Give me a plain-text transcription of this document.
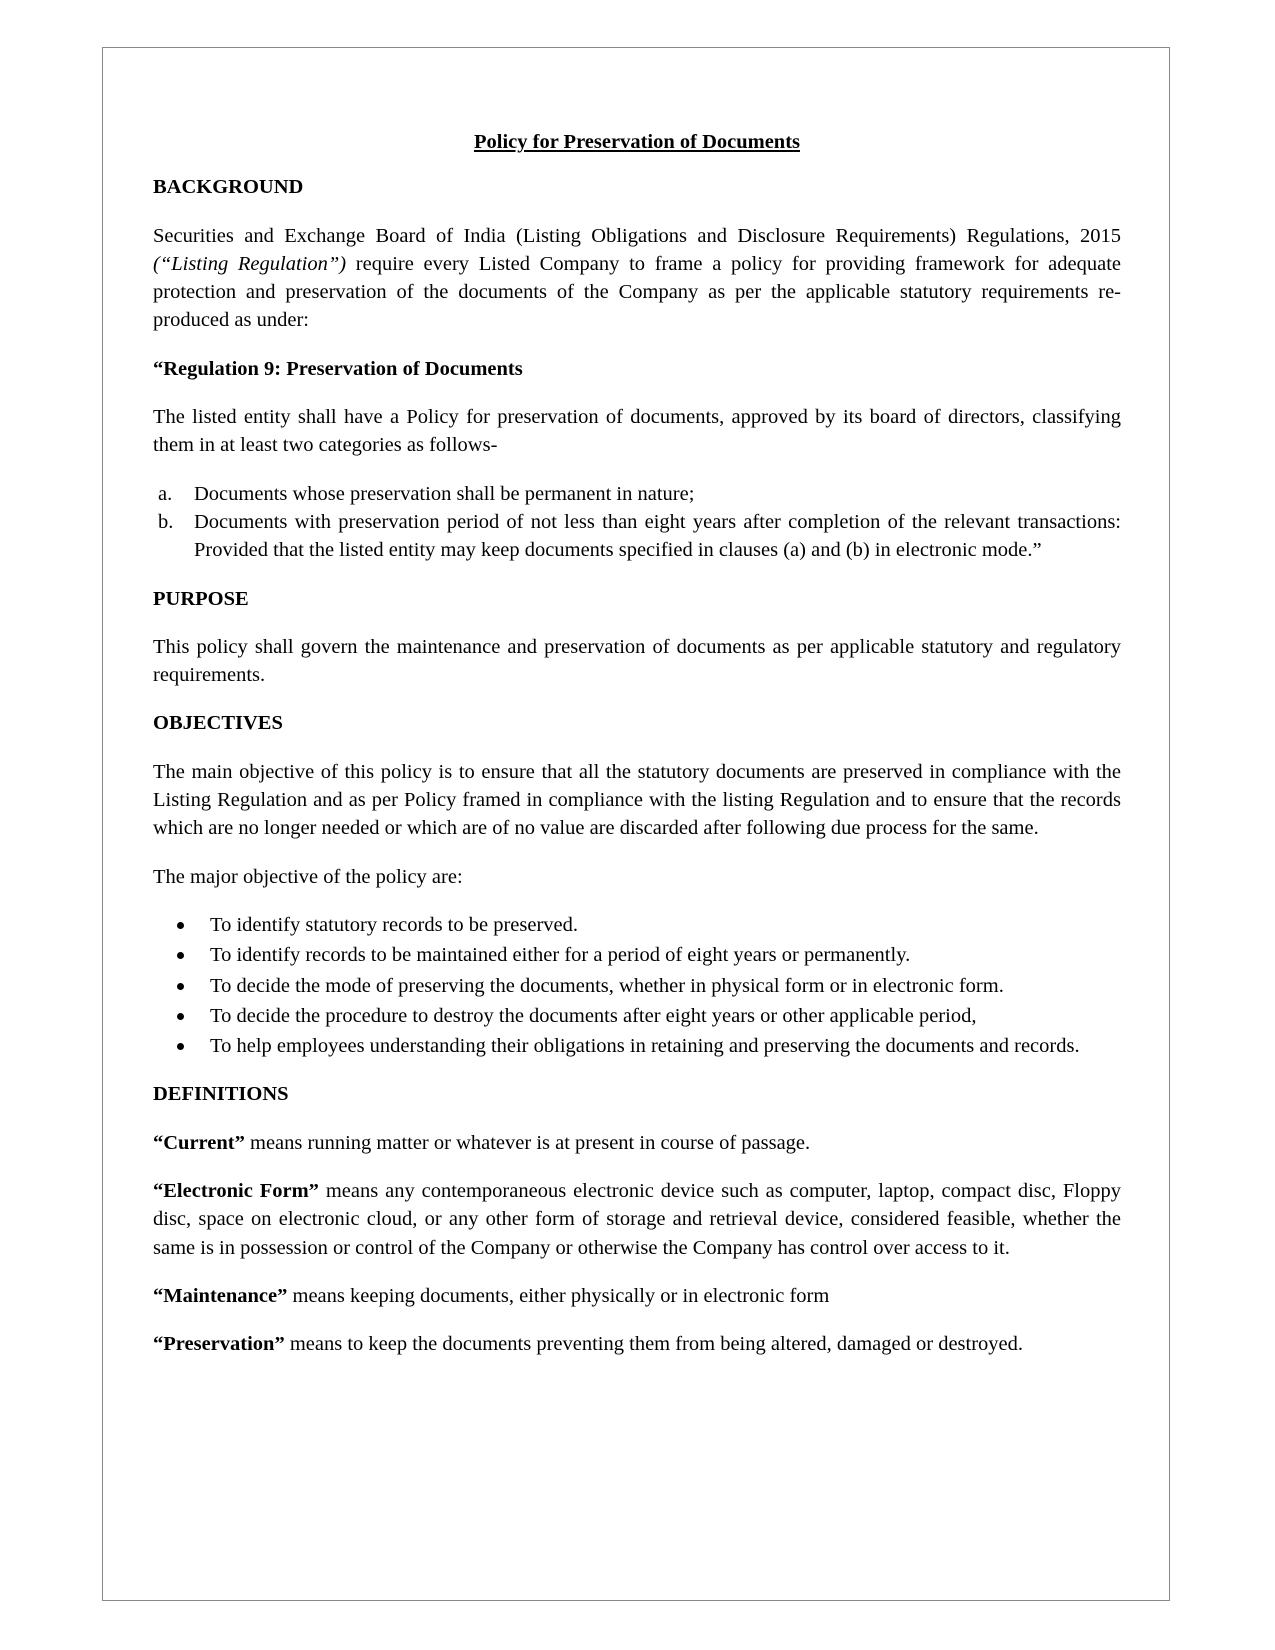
Policy for Preservation of Documents

BACKGROUND

Securities and Exchange Board of India (Listing Obligations and Disclosure Requirements) Regulations, 2015 (“Listing Regulation”) require every Listed Company to frame a policy for providing framework for adequate protection and preservation of the documents of the Company as per the applicable statutory requirements re-produced as under:

“Regulation 9: Preservation of Documents

The listed entity shall have a Policy for preservation of documents, approved by its board of directors, classifying them in at least two categories as follows-

a. Documents whose preservation shall be permanent in nature;
b. Documents with preservation period of not less than eight years after completion of the relevant transactions: Provided that the listed entity may keep documents specified in clauses (a) and (b) in electronic mode.”

PURPOSE

This policy shall govern the maintenance and preservation of documents as per applicable statutory and regulatory requirements.

OBJECTIVES

The main objective of this policy is to ensure that all the statutory documents are preserved in compliance with the Listing Regulation and as per Policy framed in compliance with the listing Regulation and to ensure that the records which are no longer needed or which are of no value are discarded after following due process for the same.

The major objective of the policy are:

To identify statutory records to be preserved.
To identify records to be maintained either for a period of eight years or permanently.
To decide the mode of preserving the documents, whether in physical form or in electronic form.
To decide the procedure to destroy the documents after eight years or other applicable period,
To help employees understanding their obligations in retaining and preserving the documents and records.

DEFINITIONS

“Current” means running matter or whatever is at present in course of passage.

“Electronic Form” means any contemporaneous electronic device such as computer, laptop, compact disc, Floppy disc, space on electronic cloud, or any other form of storage and retrieval device, considered feasible, whether the same is in possession or control of the Company or otherwise the Company has control over access to it.

“Maintenance” means keeping documents, either physically or in electronic form

“Preservation” means to keep the documents preventing them from being altered, damaged or destroyed.
